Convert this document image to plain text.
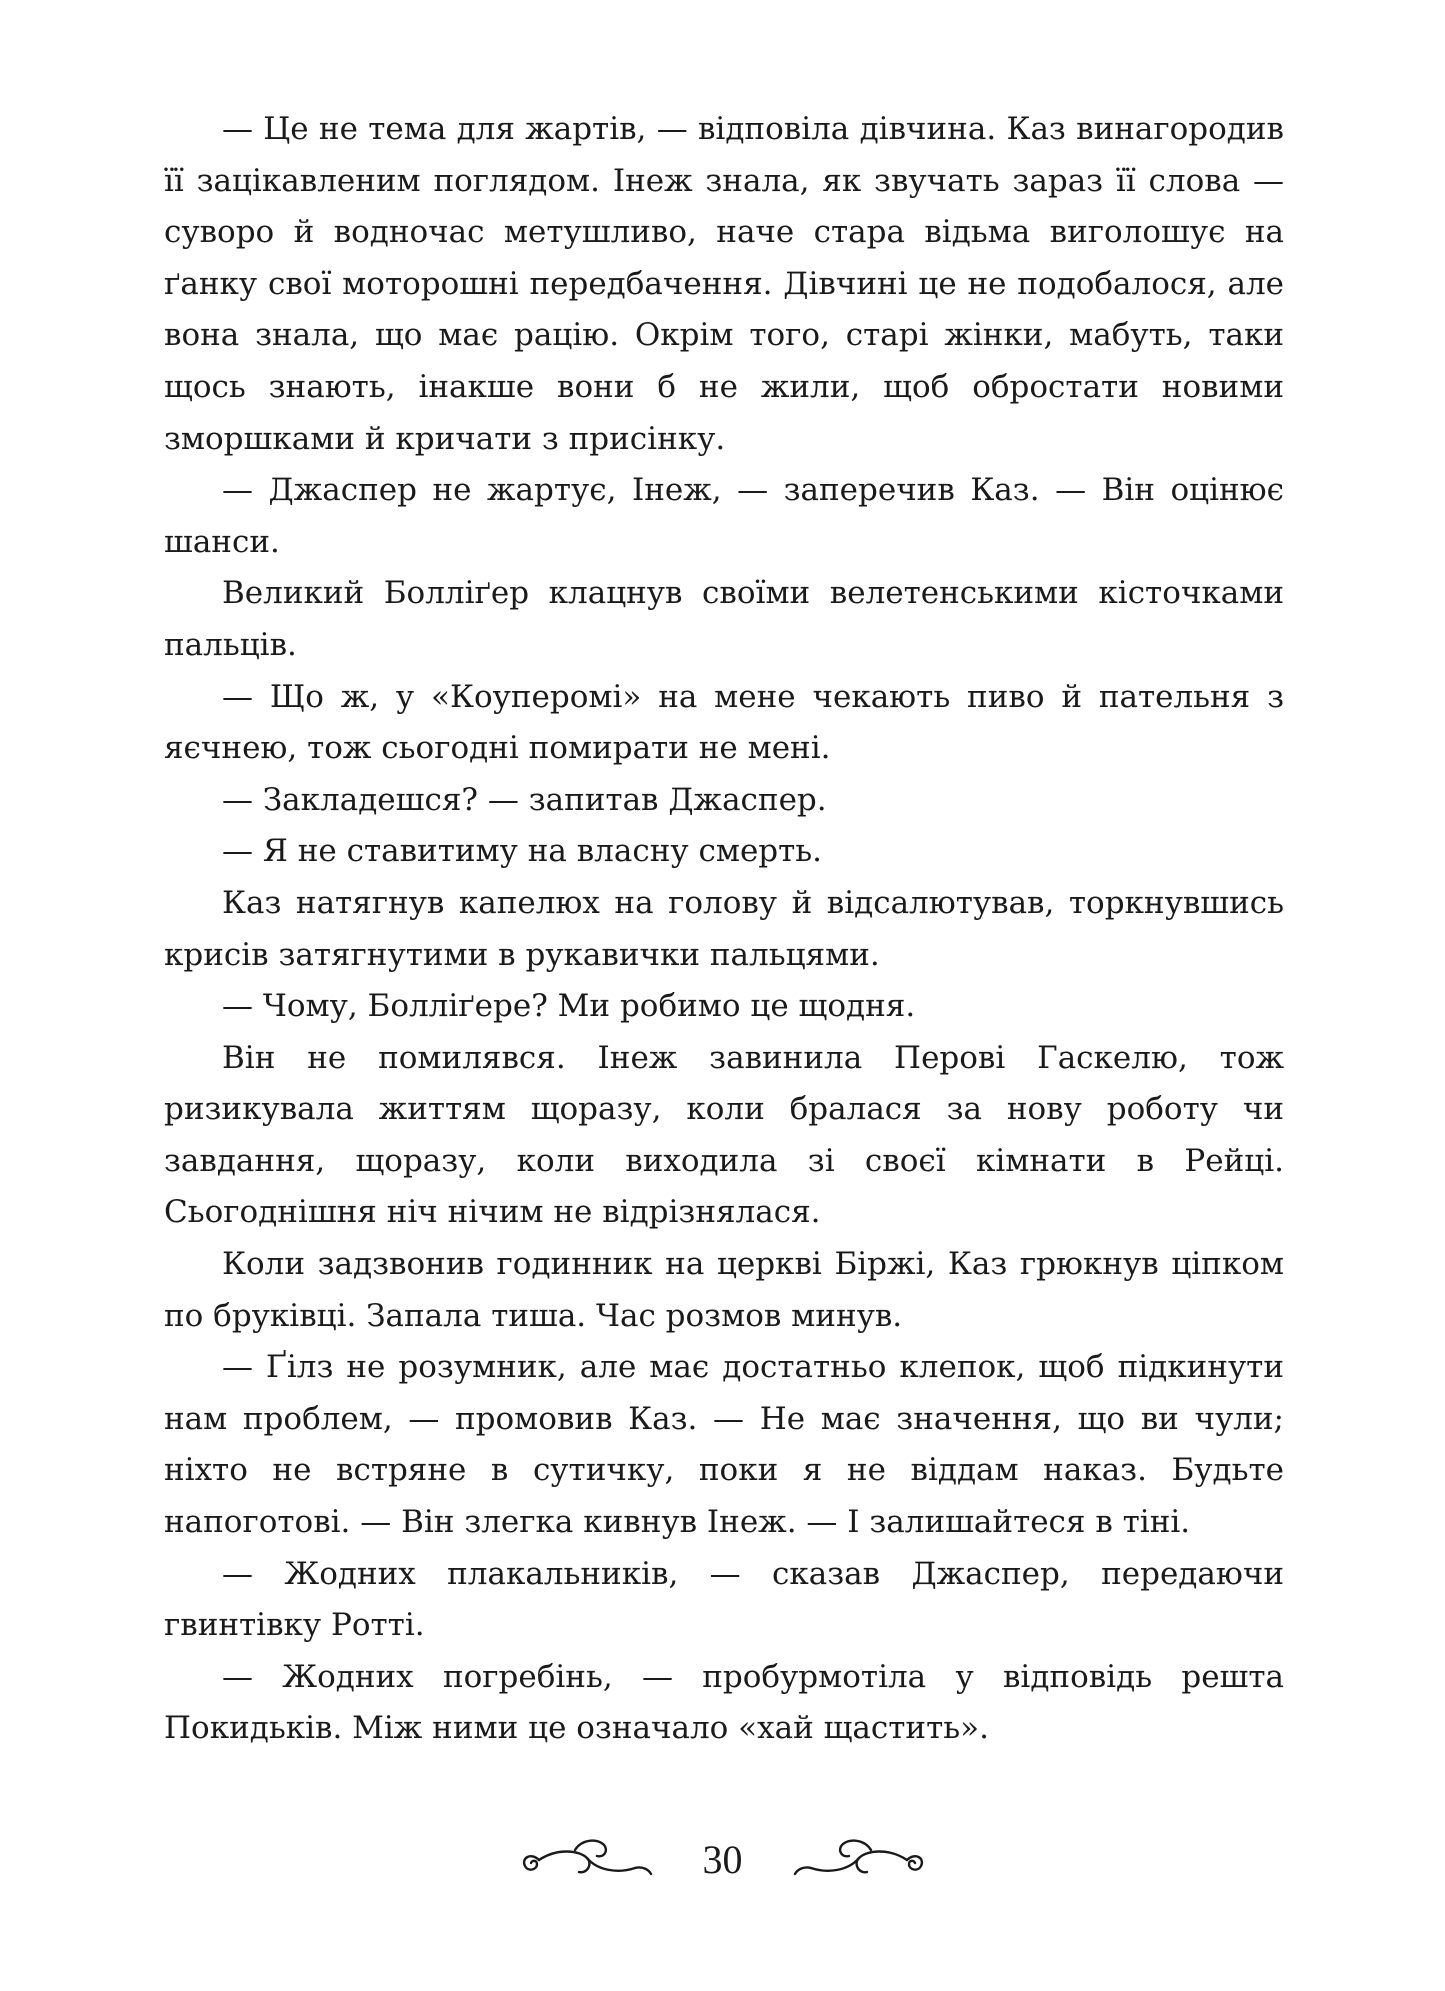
— Це не тема для жартів, — відповіла дівчина. Каз винагородив її зацікавленим поглядом. Інеж знала, як звучать зараз її слова — суворо й водночас метушливо, наче стара відьма виголошує на ґанку свої моторошні передбачення. Дівчині це не подобалося, але вона знала, що має рацію. Окрім того, старі жінки, мабуть, таки щось знають, інакше вони б не жили, щоб обростати новими зморшками й кричати з присінку.

— Джаспер не жартує, Інеж, — заперечив Каз. — Він оцінює шанси.

Великий Болліґер клацнув своїми велетенськими кісточками пальців.

— Що ж, у «Коуперомі» на мене чекають пиво й пательня з яєчнею, тож сьогодні помирати не мені.

— Закладешся? — запитав Джаспер.

— Я не ставитиму на власну смерть.

Каз натягнув капелюх на голову й відсалютував, торкнувшись крисів затягнутими в рукавички пальцями.

— Чому, Болліґере? Ми робимо це щодня.

Він не помилявся. Інеж завинила Перові Гаскелю, тож ризикувала життям щоразу, коли бралася за нову роботу чи завдання, щоразу, коли виходила зі своєї кімнати в Рейці. Сьогоднішня ніч нічим не відрізнялася.

Коли задзвонив годинник на церкві Біржі, Каз грюкнув ціпком по бруківці. Запала тиша. Час розмов минув.

— Ґілз не розумник, але має достатньо клепок, щоб підкинути нам проблем, — промовив Каз. — Не має значення, що ви чули; ніхто не встряне в сутичку, поки я не віддам наказ. Будьте напоготові. — Він злегка кивнув Інеж. — І залишайтеся в тіні.

— Жодних плакальників, — сказав Джаспер, передаючи гвинтівку Ротті.

— Жодних погребінь, — пробурмотіла у відповідь решта Покидьків. Між ними це означало «хай щастить».

30
